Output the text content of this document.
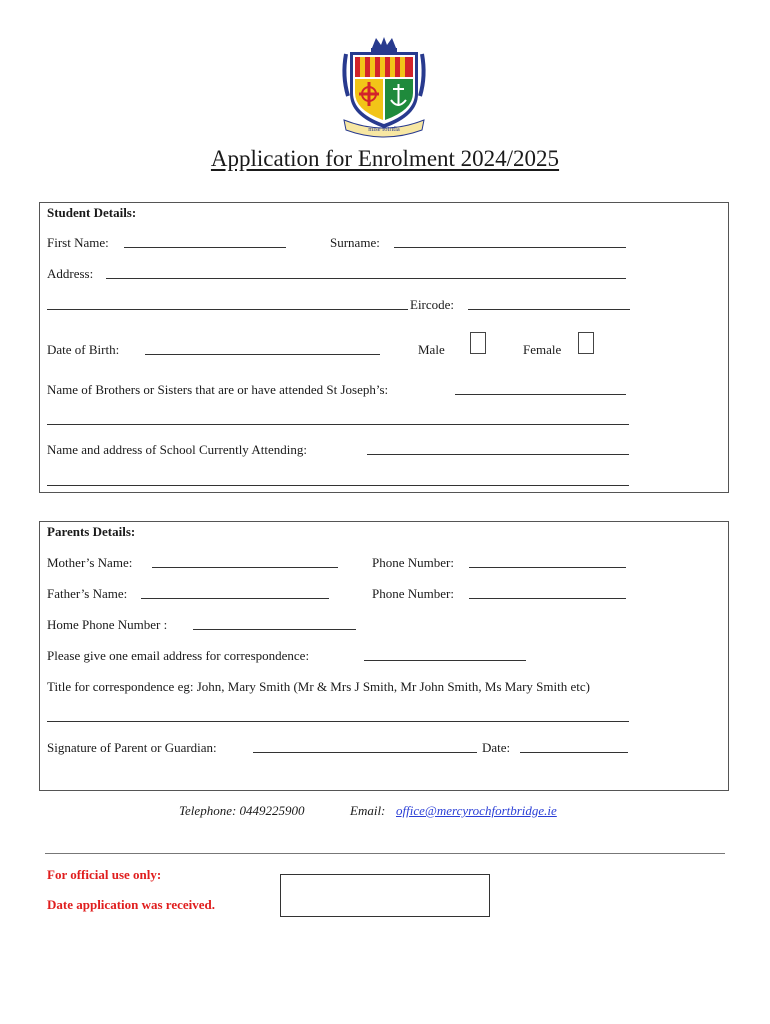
mise foirit́la
Application for Enrolment 2024/2025
Student Details:
First Name:	Surname:
Address:
Eircode:
Date of Birth:	Male	Female
Name of Brothers or Sisters that are or have attended St Joseph’s:
Name and address of School Currently Attending:
Parents Details:
Mother’s Name:	Phone Number:
Father’s Name:	Phone Number:
Home Phone Number :
Please give one email address for correspondence:
Title for correspondence eg: John, Mary Smith (Mr & Mrs J Smith, Mr John Smith, Ms Mary Smith etc)
Signature of Parent or Guardian:	Date:
Telephone: 0449225900	Email: office@mercyrochfortbridge.ie
For official use only:
Date application was received.
